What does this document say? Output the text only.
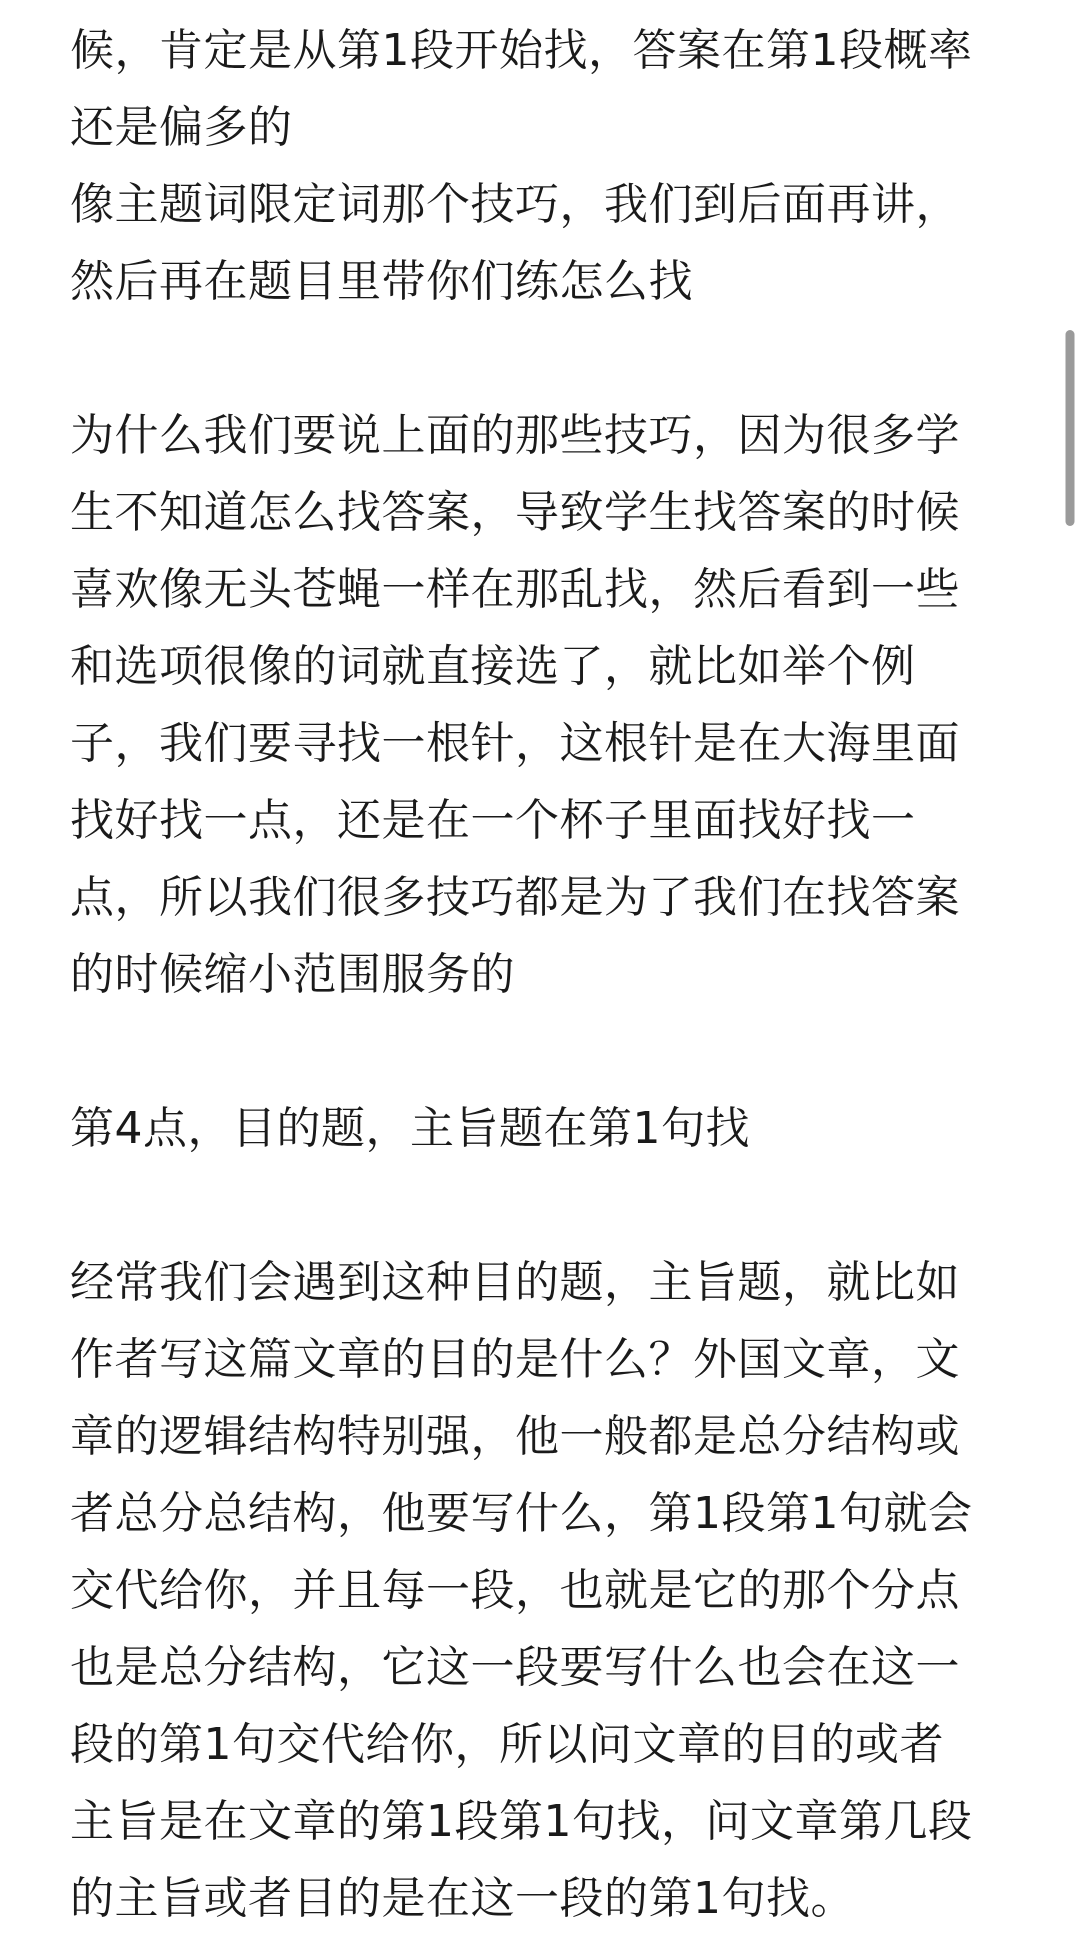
候，肯定是从第1段开始找，答案在第1段概率
还是偏多的
像主题词限定词那个技巧，我们到后面再讲，
然后再在题目里带你们练怎么找
为什么我们要说上面的那些技巧，因为很多学
生不知道怎么找答案，导致学生找答案的时候
喜欢像无头苍蝇一样在那乱找，然后看到一些
和选项很像的词就直接选了，就比如举个例
子，我们要寻找一根针，这根针是在大海里面
找好找一点，还是在一个杯子里面找好找一
点，所以我们很多技巧都是为了我们在找答案
的时候缩小范围服务的
第4点，目的题，主旨题在第1句找
经常我们会遇到这种目的题，主旨题，就比如
作者写这篇文章的目的是什么？外国文章，文
章的逻辑结构特别强，他一般都是总分结构或
者总分总结构，他要写什么，第1段第1句就会
交代给你，并且每一段，也就是它的那个分点
也是总分结构，它这一段要写什么也会在这一
段的第1句交代给你，所以问文章的目的或者
主旨是在文章的第1段第1句找，问文章第几段
的主旨或者目的是在这一段的第1句找。
